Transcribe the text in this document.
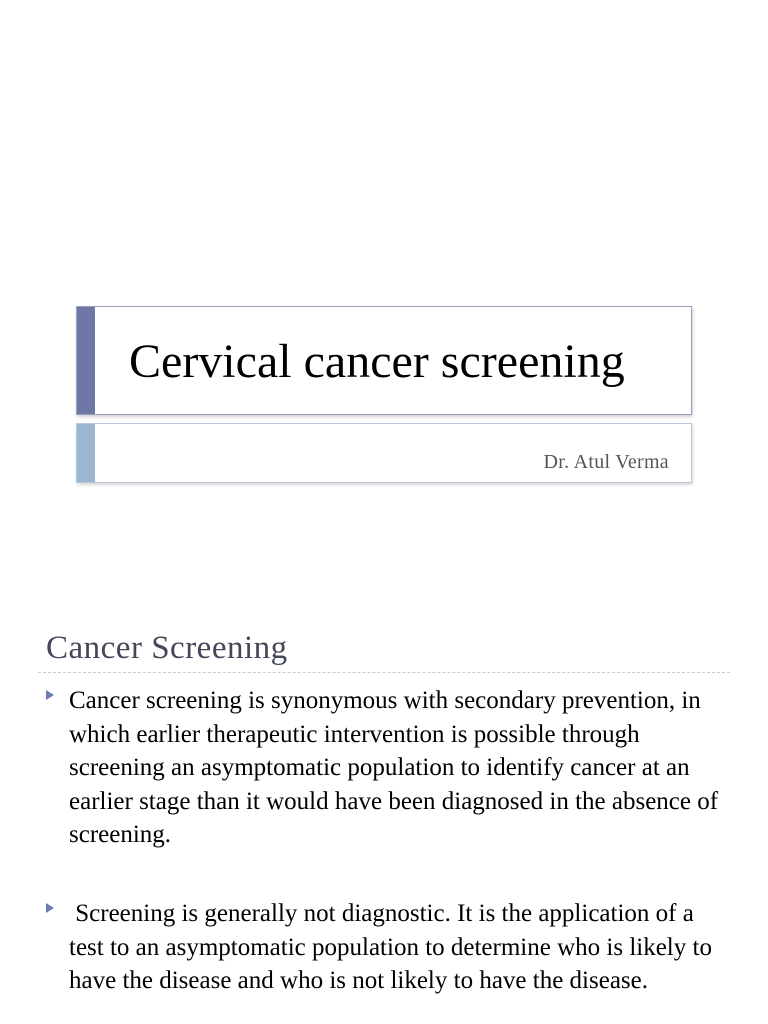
Cervical cancer screening
Dr. Atul Verma
Cancer Screening
Cancer screening is synonymous with secondary prevention, in which earlier therapeutic intervention is possible through screening an asymptomatic population to identify cancer at an earlier stage than it would have been diagnosed in the absence of screening.
Screening is generally not diagnostic. It is the application of a test to an asymptomatic population to determine who is likely to have the disease and who is not likely to have the disease.
